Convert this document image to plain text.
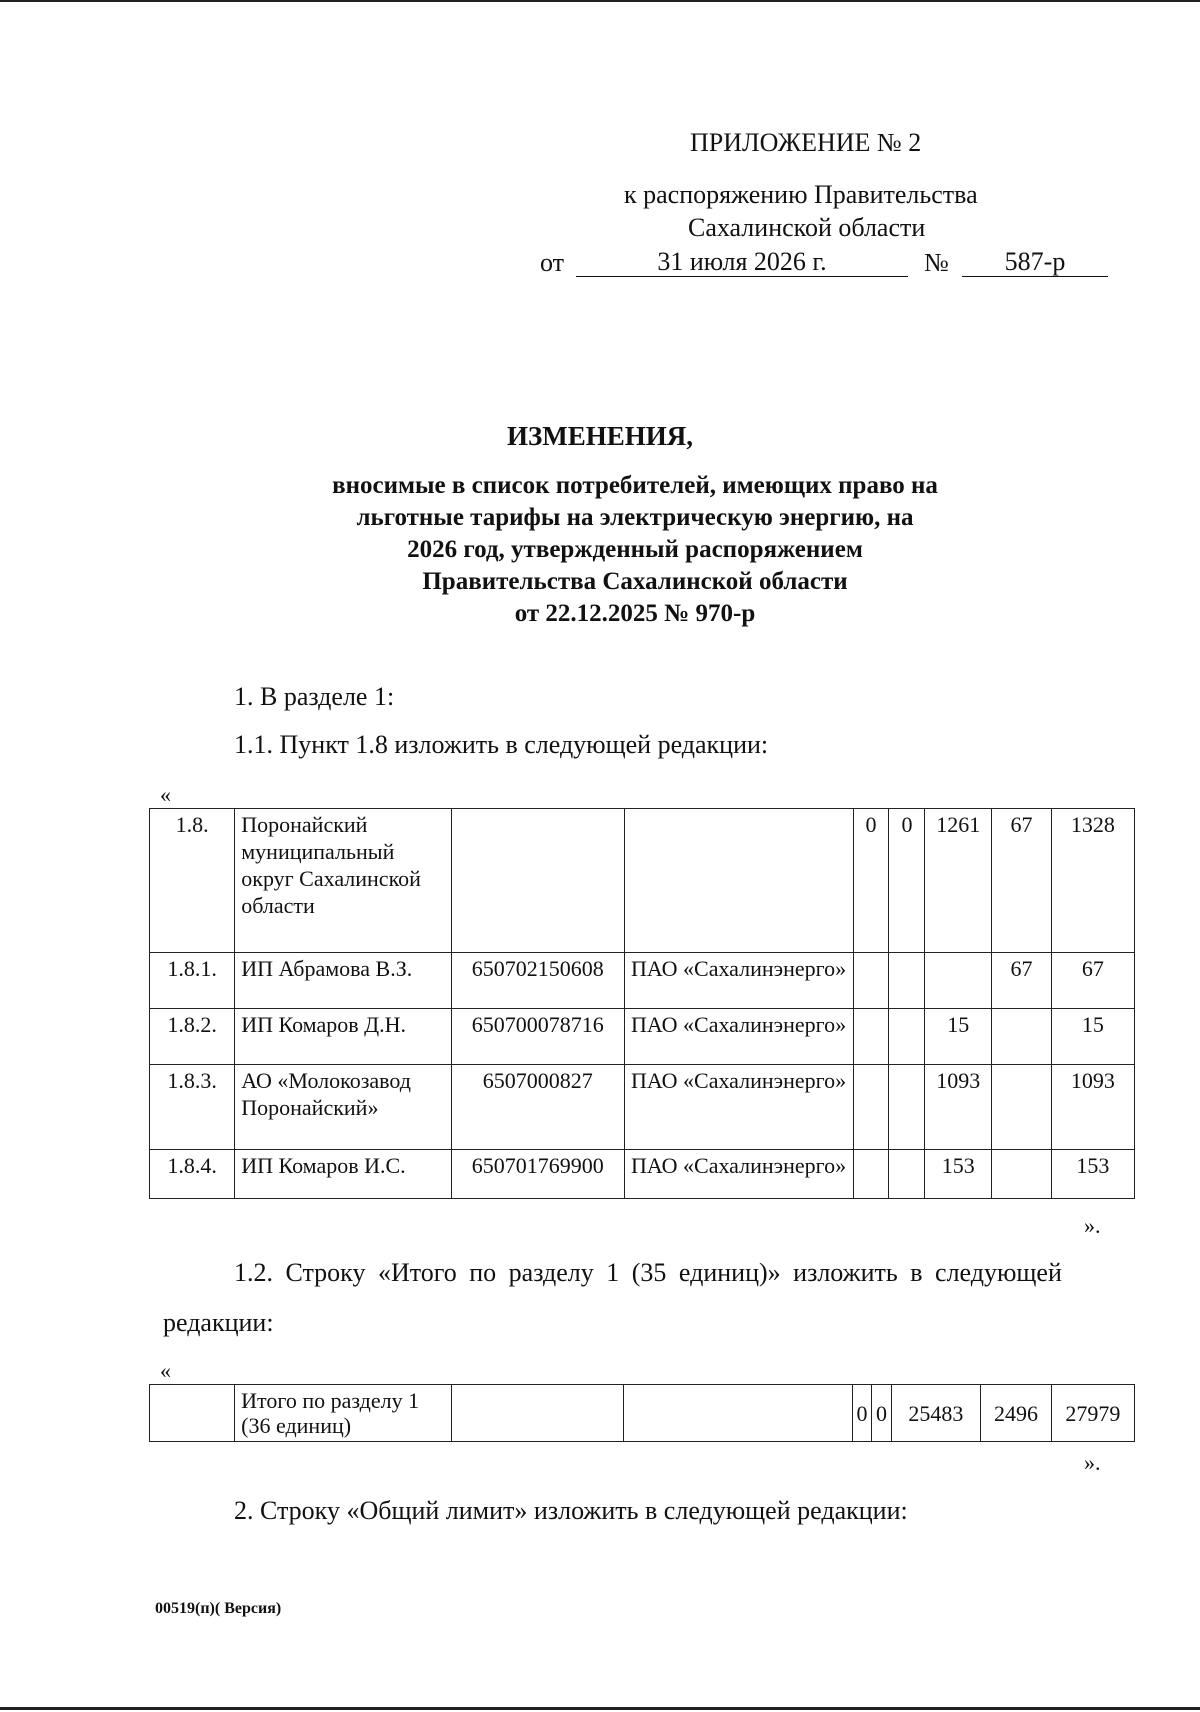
ПРИЛОЖЕНИЕ № 2
к распоряжению Правительства
Сахалинской области
от	31 июля 2026 г.	№	587-р
ИЗМЕНЕНИЯ,
вносимые в список потребителей, имеющих право на
льготные тарифы на электрическую энергию, на
2026 год, утвержденный распоряжением
Правительства Сахалинской области
от 22.12.2025 № 970-р
1. В разделе 1:
1.1. Пункт 1.8 изложить в следующей редакции:
«
1.8.	Поронайский муниципальный округ Сахалинской области			0	0	1261	67	1328
1.8.1.	ИП Абрамова В.З.	650702150608	ПАО «Сахалинэнерго»				67	67
1.8.2.	ИП Комаров Д.Н.	650700078716	ПАО «Сахалинэнерго»			15		15
1.8.3.	АО «Молокозавод Поронайский»	6507000827	ПАО «Сахалинэнерго»			1093		1093
1.8.4.	ИП Комаров И.С.	650701769900	ПАО «Сахалинэнерго»			153		153
».
1.2. Строку «Итого по разделу 1 (35 единиц)» изложить в следующей
редакции:
«
	Итого по разделу 1 (36 единиц)			0	0	25483	2496	27979
».
2. Строку «Общий лимит» изложить в следующей редакции:
00519(п)( Версия)
